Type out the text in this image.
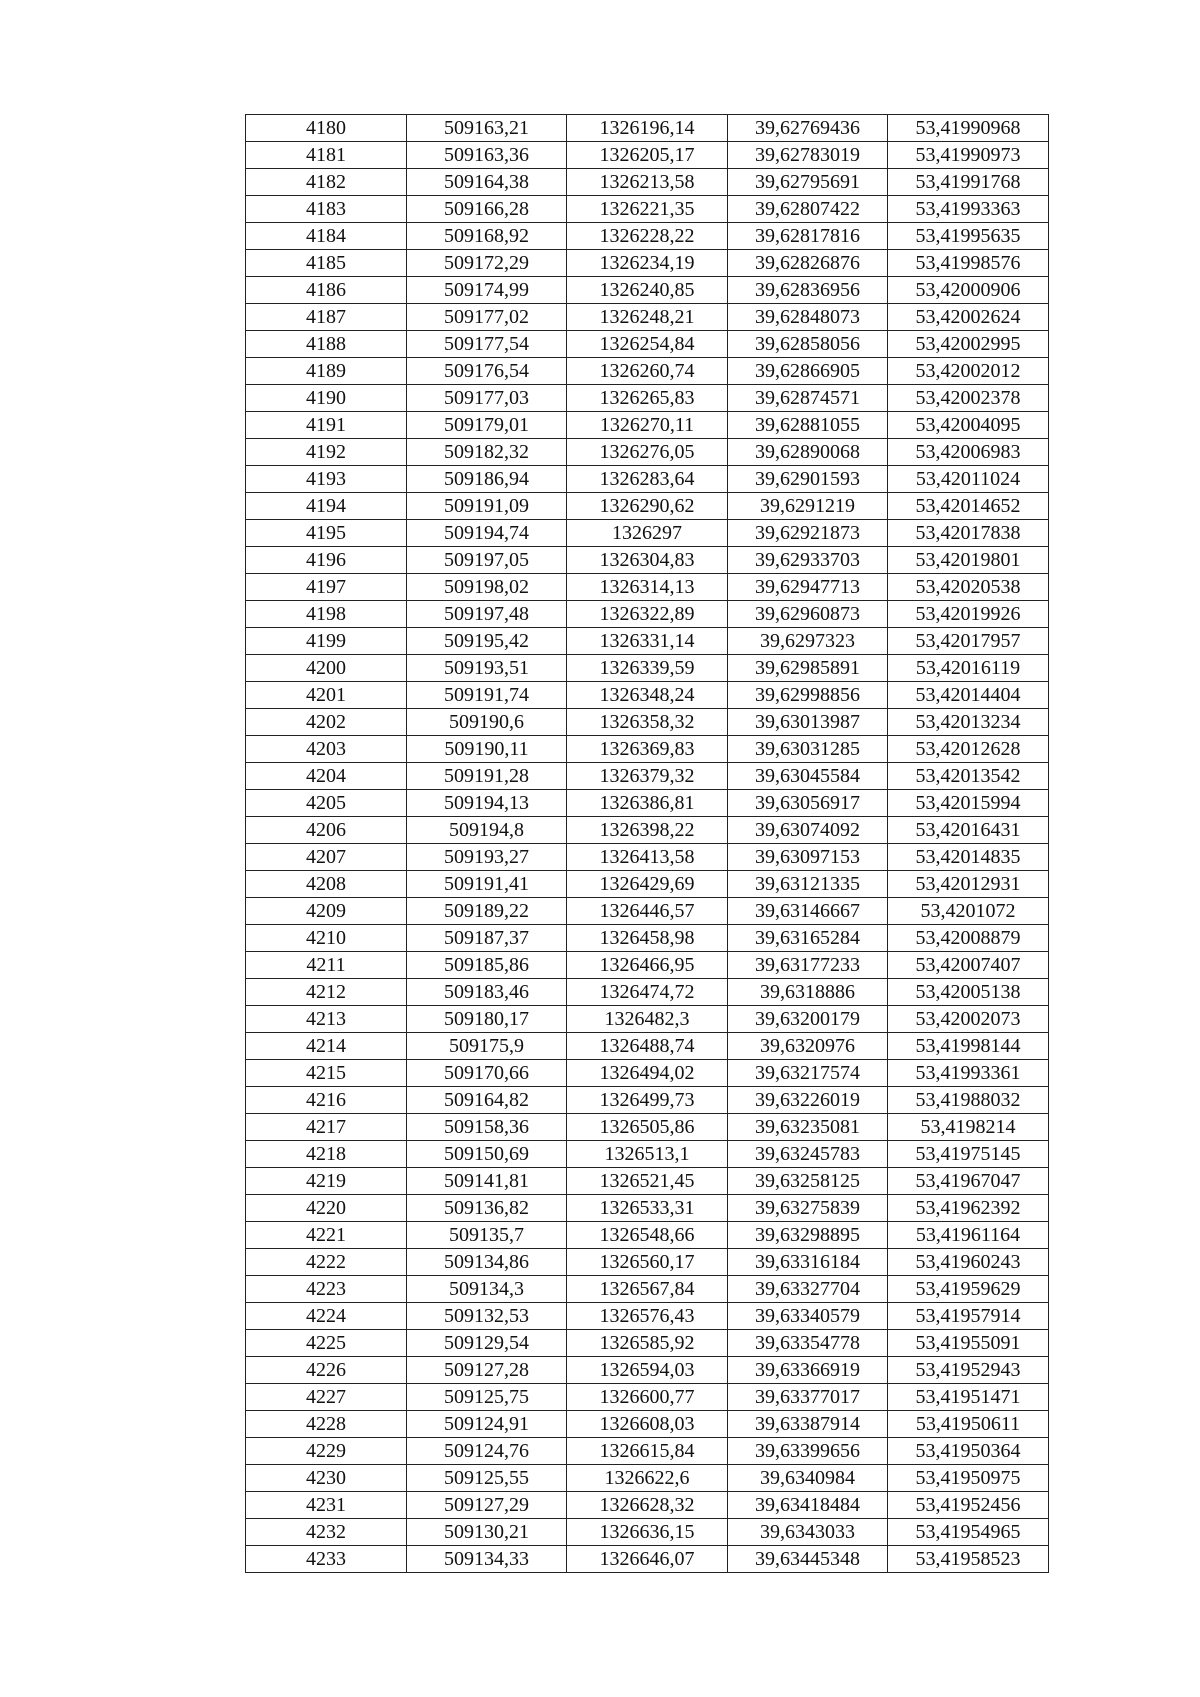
4180	509163,21	1326196,14	39,62769436	53,41990968
4181	509163,36	1326205,17	39,62783019	53,41990973
4182	509164,38	1326213,58	39,62795691	53,41991768
4183	509166,28	1326221,35	39,62807422	53,41993363
4184	509168,92	1326228,22	39,62817816	53,41995635
4185	509172,29	1326234,19	39,62826876	53,41998576
4186	509174,99	1326240,85	39,62836956	53,42000906
4187	509177,02	1326248,21	39,62848073	53,42002624
4188	509177,54	1326254,84	39,62858056	53,42002995
4189	509176,54	1326260,74	39,62866905	53,42002012
4190	509177,03	1326265,83	39,62874571	53,42002378
4191	509179,01	1326270,11	39,62881055	53,42004095
4192	509182,32	1326276,05	39,62890068	53,42006983
4193	509186,94	1326283,64	39,62901593	53,42011024
4194	509191,09	1326290,62	39,6291219	53,42014652
4195	509194,74	1326297	39,62921873	53,42017838
4196	509197,05	1326304,83	39,62933703	53,42019801
4197	509198,02	1326314,13	39,62947713	53,42020538
4198	509197,48	1326322,89	39,62960873	53,42019926
4199	509195,42	1326331,14	39,6297323	53,42017957
4200	509193,51	1326339,59	39,62985891	53,42016119
4201	509191,74	1326348,24	39,62998856	53,42014404
4202	509190,6	1326358,32	39,63013987	53,42013234
4203	509190,11	1326369,83	39,63031285	53,42012628
4204	509191,28	1326379,32	39,63045584	53,42013542
4205	509194,13	1326386,81	39,63056917	53,42015994
4206	509194,8	1326398,22	39,63074092	53,42016431
4207	509193,27	1326413,58	39,63097153	53,42014835
4208	509191,41	1326429,69	39,63121335	53,42012931
4209	509189,22	1326446,57	39,63146667	53,4201072
4210	509187,37	1326458,98	39,63165284	53,42008879
4211	509185,86	1326466,95	39,63177233	53,42007407
4212	509183,46	1326474,72	39,6318886	53,42005138
4213	509180,17	1326482,3	39,63200179	53,42002073
4214	509175,9	1326488,74	39,6320976	53,41998144
4215	509170,66	1326494,02	39,63217574	53,41993361
4216	509164,82	1326499,73	39,63226019	53,41988032
4217	509158,36	1326505,86	39,63235081	53,4198214
4218	509150,69	1326513,1	39,63245783	53,41975145
4219	509141,81	1326521,45	39,63258125	53,41967047
4220	509136,82	1326533,31	39,63275839	53,41962392
4221	509135,7	1326548,66	39,63298895	53,41961164
4222	509134,86	1326560,17	39,63316184	53,41960243
4223	509134,3	1326567,84	39,63327704	53,41959629
4224	509132,53	1326576,43	39,63340579	53,41957914
4225	509129,54	1326585,92	39,63354778	53,41955091
4226	509127,28	1326594,03	39,63366919	53,41952943
4227	509125,75	1326600,77	39,63377017	53,41951471
4228	509124,91	1326608,03	39,63387914	53,41950611
4229	509124,76	1326615,84	39,63399656	53,41950364
4230	509125,55	1326622,6	39,6340984	53,41950975
4231	509127,29	1326628,32	39,63418484	53,41952456
4232	509130,21	1326636,15	39,6343033	53,41954965
4233	509134,33	1326646,07	39,63445348	53,41958523
